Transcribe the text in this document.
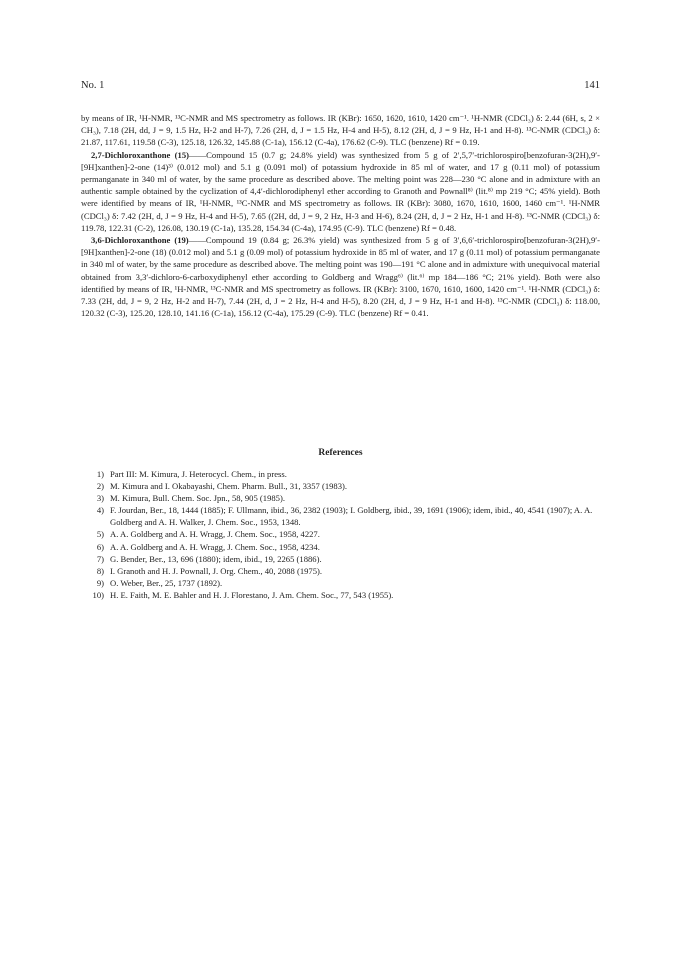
No. 1	141

by means of IR, ¹H-NMR, ¹³C-NMR and MS spectrometry as follows. IR (KBr): 1650, 1620, 1610, 1420 cm⁻¹. ¹H-NMR (CDCl₃) δ: 2.44 (6H, s, 2 × CH₃), 7.18 (2H, dd, J = 9, 1.5 Hz, H-2 and H-7), 7.26 (2H, d, J = 1.5 Hz, H-4 and H-5), 8.12 (2H, d, J = 9 Hz, H-1 and H-8). ¹³C-NMR (CDCl₃) δ: 21.87, 117.61, 119.58 (C-3), 125.18, 126.32, 145.88 (C-1a), 156.12 (C-4a), 176.62 (C-9). TLC (benzene) Rf = 0.19.

2,7-Dichloroxanthone (15)——Compound 15 (0.7 g; 24.8% yield) was synthesized from 5 g of 2′,5,7′-trichlorospiro[benzofuran-3(2H),9′-[9H]xanthen]-2-one (14)³⁾ (0.012 mol) and 5.1 g (0.091 mol) of potassium hydroxide in 85 ml of water, and 17 g (0.11 mol) of potassium permanganate in 340 ml of water, by the same procedure as described above. The melting point was 228—230 °C alone and in admixture with an authentic sample obtained by the cyclization of 4,4′-dichlorodiphenyl ether according to Granoth and Pownall⁸⁾ (lit.⁸⁾ mp 219 °C; 45% yield). Both were identified by means of IR, ¹H-NMR, ¹³C-NMR and MS spectrometry as follows. IR (KBr): 3080, 1670, 1610, 1600, 1460 cm⁻¹. ¹H-NMR (CDCl₃) δ: 7.42 (2H, d, J = 9 Hz, H-4 and H-5), 7.65 ((2H, dd, J = 9, 2 Hz, H-3 and H-6), 8.24 (2H, d, J = 2 Hz, H-1 and H-8). ¹³C-NMR (CDCl₃) δ: 119.78, 122.31 (C-2), 126.08, 130.19 (C-1a), 135.28, 154.34 (C-4a), 174.95 (C-9). TLC (benzene) Rf = 0.48.

3,6-Dichloroxanthone (19)——Compound 19 (0.84 g; 26.3% yield) was synthesized from 5 g of 3′,6,6′-trichlorospiro[benzofuran-3(2H),9′-[9H]xanthen]-2-one (18) (0.012 mol) and 5.1 g (0.09 mol) of potassium hydroxide in 85 ml of water, and 17 g (0.11 mol) of potassium permanganate in 340 ml of water, by the same procedure as described above. The melting point was 190—191 °C alone and in admixture with unequivocal material obtained from 3,3′-dichloro-6-carboxydiphenyl ether according to Goldberg and Wragg⁶⁾ (lit.⁶⁾ mp 184—186 °C; 21% yield). Both were also identified by means of IR, ¹H-NMR, ¹³C-NMR and MS spectrometry as follows. IR (KBr): 3100, 1670, 1610, 1600, 1420 cm⁻¹. ¹H-NMR (CDCl₃) δ: 7.33 (2H, dd, J = 9, 2 Hz, H-2 and H-7), 7.44 (2H, d, J = 2 Hz, H-4 and H-5), 8.20 (2H, d, J = 9 Hz, H-1 and H-8). ¹³C-NMR (CDCl₃) δ: 118.00, 120.32 (C-3), 125.20, 128.10, 141.16 (C-1a), 156.12 (C-4a), 175.29 (C-9). TLC (benzene) Rf = 0.41.

References
1) Part III: M. Kimura, J. Heterocycl. Chem., in press.
2) M. Kimura and I. Okabayashi, Chem. Pharm. Bull., 31, 3357 (1983).
3) M. Kimura, Bull. Chem. Soc. Jpn., 58, 905 (1985).
4) F. Jourdan, Ber., 18, 1444 (1885); F. Ullmann, ibid., 36, 2382 (1903); I. Goldberg, ibid., 39, 1691 (1906); idem, ibid., 40, 4541 (1907); A. A. Goldberg and A. H. Walker, J. Chem. Soc., 1953, 1348.
5) A. A. Goldberg and A. H. Wragg, J. Chem. Soc., 1958, 4227.
6) A. A. Goldberg and A. H. Wragg, J. Chem. Soc., 1958, 4234.
7) G. Bender, Ber., 13, 696 (1880); idem, ibid., 19, 2265 (1886).
8) I. Granoth and H. J. Pownall, J. Org. Chem., 40, 2088 (1975).
9) O. Weber, Ber., 25, 1737 (1892).
10) H. E. Faith, M. E. Bahler and H. J. Florestano, J. Am. Chem. Soc., 77, 543 (1955).
